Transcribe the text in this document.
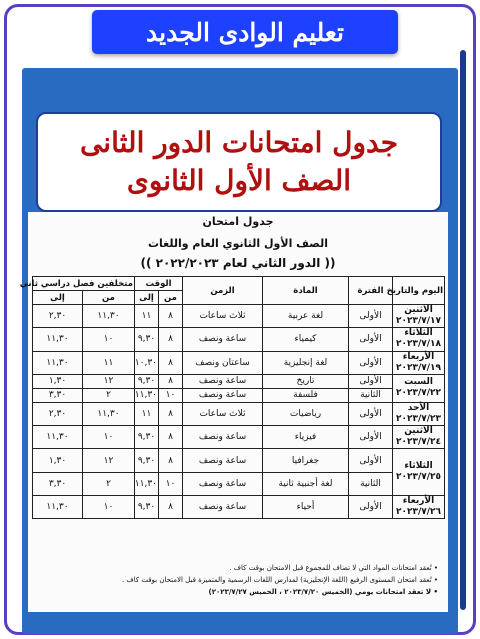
تعليم الوادى الجديد
جدول امتحانات الدور الثانى
الصف الأول الثانوى
جدول امتحان
الصف الأول الثانوي العام واللغات
(( الدور الثاني لعام ٢٠٢٢/٢٠٢٣ ))
اليوم والتاريخ	الفترة	المادة	الزمن	الوقت		متخلفين فصل دراسي ثاني	
				من	إلى	من	إلى
الاثنين
٢٠٢٣/٧/١٧	الأولى	لغة عربية	ثلاث ساعات	٨	١١	١١,٣٠	٢,٣٠
الثلاثاء
٢٠٢٣/٧/١٨	الأولى	كيمياء	ساعة ونصف	٨	٩,٣٠	١٠	١١,٣٠
الأربعاء
٢٠٢٣/٧/١٩	الأولى	لغة إنجليزية	ساعتان ونصف	٨	١٠,٣٠	١١	١١,٣٠
السبت
٢٠٢٣/٧/٢٢	الأولى	تاريخ	ساعة ونصف	٨	٩,٣٠	١٢	١,٣٠
	الثانية	فلسفة	ساعة ونصف	١٠	١١,٣٠	٢	٣,٣٠
الأحد
٢٠٢٣/٧/٢٣	الأولى	رياضيات	ثلاث ساعات	٨	١١	١١,٣٠	٢,٣٠
الاثنين
٢٠٢٣/٧/٢٤	الأولى	فيزياء	ساعة ونصف	٨	٩,٣٠	١٠	١١,٣٠
الثلاثاء
٢٠٢٣/٧/٢٥	الأولى	جغرافيا	ساعة ونصف	٨	٩,٣٠	١٢	١,٣٠
	الثانية	لغة أجنبية ثانية	ساعة ونصف	١٠	١١,٣٠	٢	٣,٣٠
الأربعاء
٢٠٢٣/٧/٢٦	الأولى	أحياء	ساعة ونصف	٨	٩,٣٠	١٠	١١,٣٠
• تُعقد امتحانات المواد التي لا تضاف للمجموع قبل الامتحان بوقت كاف .
• تُعقد امتحان المستوى الرفيع (اللغة الإنجليزية) لمدارس اللغات الرسمية والمتميزة قبل الامتحان بوقت كاف .
• لا تعقد امتحانات يومي (الخميس ٢٠٢٣/٧/٢٠ ، الخميس ٢٠٢٣/٧/٢٧)
